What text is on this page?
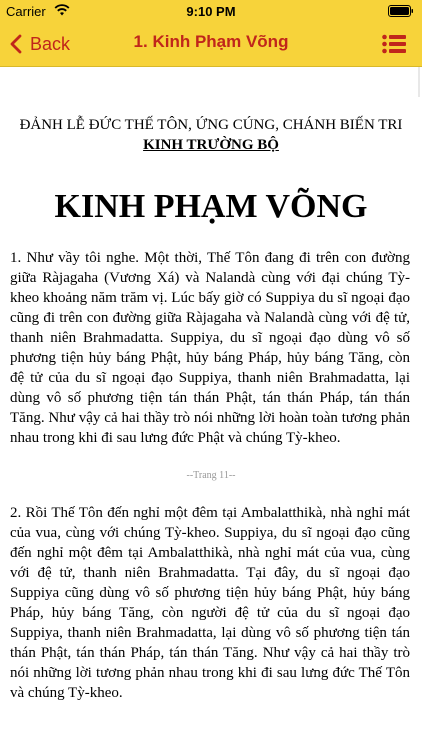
Carrier	9:10 PM
Back	1. Kinh Phạm Võng
ĐẢNH LỄ ĐỨC THẾ TÔN, ỨNG CÚNG, CHÁNH BIẾN TRI
KINH TRƯỜNG BỘ
KINH PHẠM VÕNG
1. Như vầy tôi nghe. Một thời, Thế Tôn đang đi trên con đường giữa Ràjagaha (Vương Xá) và Nalandà cùng với đại chúng Tỳ-kheo khoảng năm trăm vị. Lúc bấy giờ có Suppiya du sĩ ngoại đạo cũng đi trên con đường giữa Ràjagaha và Nalandà cùng với đệ tử, thanh niên Brahmadatta. Suppiya, du sĩ ngoại đạo dùng vô số phương tiện hủy báng Phật, hủy báng Pháp, hủy báng Tăng, còn đệ tử của du sĩ ngoại đạo Suppiya, thanh niên Brahmadatta, lại dùng vô số phương tiện tán thán Phật, tán thán Pháp, tán thán Tăng. Như vậy cả hai thầy trò nói những lời hoàn toàn tương phản nhau trong khi đi sau lưng đức Phật và chúng Tỳ-kheo.
--Trang 11--
2. Rồi Thế Tôn đến nghỉ một đêm tại Ambalatthikà, nhà nghỉ mát của vua, cùng với chúng Tỳ-kheo. Suppiya, du sĩ ngoại đạo cũng đến nghỉ một đêm tại Ambalatthikà, nhà nghỉ mát của vua, cùng với đệ tử, thanh niên Brahmadatta. Tại đây, du sĩ ngoại đạo Suppiya cũng dùng vô số phương tiện hủy báng Phật, hủy báng Pháp, hủy báng Tăng, còn người đệ tử của du sĩ ngoại đạo Suppiya, thanh niên Brahmadatta, lại dùng vô số phương tiện tán thán Phật, tán thán Pháp, tán thán Tăng. Như vậy cả hai thầy trò nói những lời tương phản nhau trong khi đi sau lưng đức Thế Tôn và chúng Tỳ-kheo.
